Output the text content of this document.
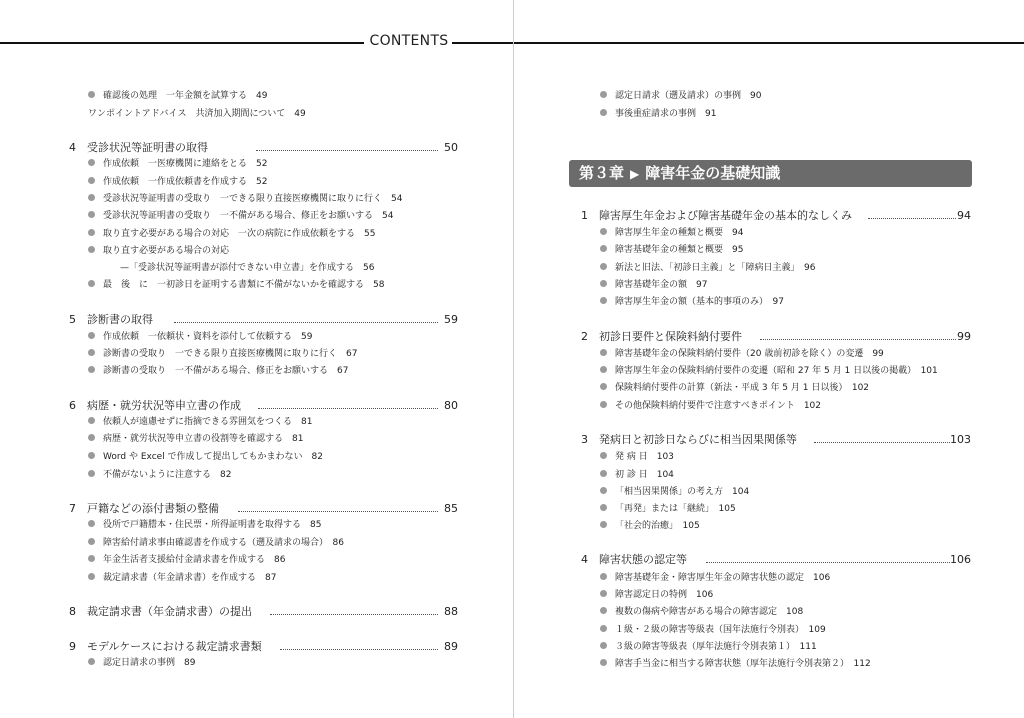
CONTENTS
確認後の処理　一年金額を試算する　49
ワンポイントアドバイス　共済加入期間について　49
4 受診状況等証明書の取得	50
作成依頼　一医療機関に連絡をとる　52
作成依頼　一作成依頼書を作成する　52
受診状況等証明書の受取り　一できる限り直接医療機関に取りに行く　54
受診状況等証明書の受取り　一不備がある場合、修正をお願いする　54
取り直す必要がある場合の対応　一次の病院に作成依頼をする　55
取り直す必要がある場合の対応
—「受診状況等証明書が添付できない申立書」を作成する　56
最　後　に　一初診日を証明する書類に不備がないかを確認する　58
5 診断書の取得	59
作成依頼　一依頼状・資料を添付して依頼する　59
診断書の受取り　一できる限り直接医療機関に取りに行く　67
診断書の受取り　一不備がある場合、修正をお願いする　67
6 病歴・就労状況等申立書の作成	80
依頼人が遠慮せずに指摘できる雰囲気をつくる　81
病歴・就労状況等申立書の役割等を確認する　81
Word や Excel で作成して提出してもかまわない　82
不備がないように注意する　82
7 戸籍などの添付書類の整備	85
役所で戸籍謄本・住民票・所得証明書を取得する　85
障害給付請求事由確認書を作成する（遡及請求の場合）　86
年金生活者支援給付金請求書を作成する　86
裁定請求書（年金請求書）を作成する　87
8 裁定請求書（年金請求書）の提出	88
9 モデルケースにおける裁定請求書類	89
認定日請求の事例　89
認定日請求（遡及請求）の事例　90
事後重症請求の事例　91
第３章 ▶ 障害年金の基礎知識
1 障害厚生年金および障害基礎年金の基本的なしくみ	94
障害厚生年金の種類と概要　94
障害基礎年金の種類と概要　95
新法と旧法、「初診日主義」と「障病日主義」　96
障害基礎年金の額　97
障害厚生年金の額（基本的事項のみ）　97
2 初診日要件と保険料納付要件	99
障害基礎年金の保険料納付要件（20 歳前初診を除く）の変遷　99
障害厚生年金の保険料納付要件の変遷（昭和 27 年 5 月 1 日以後の掲載）　101
保険料納付要件の計算（新法・平成 3 年 5 月 1 日以後）　102
その他保険料納付要件で注意すべきポイント　102
3 発病日と初診日ならびに相当因果関係等	103
発 病 日　103
初 診 日　104
「相当因果関係」の考え方　104
「再発」または「継続」　105
「社会的治癒」　105
4 障害状態の認定等	106
障害基礎年金・障害厚生年金の障害状態の認定　106
障害認定日の特例　106
複数の傷病や障害がある場合の障害認定　108
１級・２級の障害等級表（国年法施行令別表）　109
３級の障害等級表（厚年法施行令別表第１）　111
障害手当金に相当する障害状態（厚年法施行令別表第２）　112
